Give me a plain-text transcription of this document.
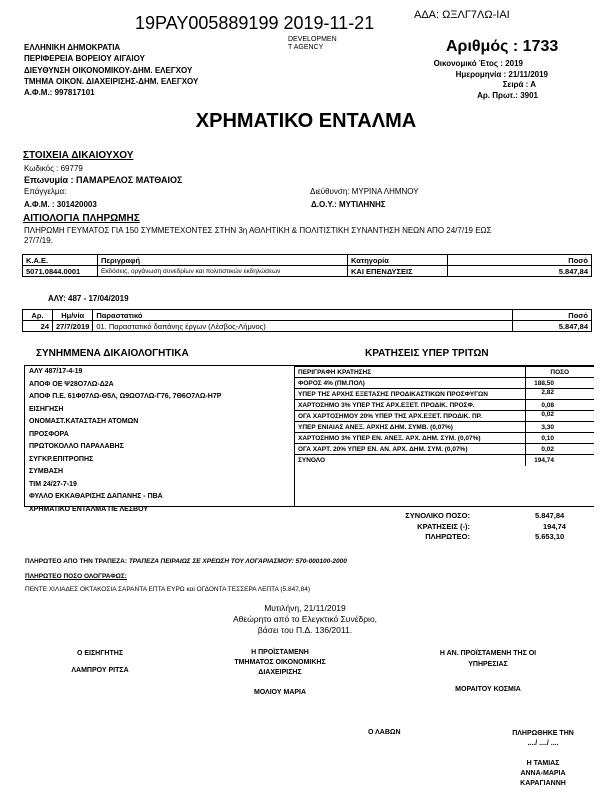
19PAY005889199 2019-11-21	ΑΔΑ: ΩΞΛΓ7ΛΩ-ΙΑΙ
DEVELOPMEN
T AGENCY
ΕΛΛΗΝΙΚΗ ΔΗΜΟΚΡΑΤΙΑ
ΠΕΡΙΦΕΡΕΙΑ ΒΟΡΕΙΟΥ ΑΙΓΑΙΟΥ
ΔΙΕΥΘΥΝΣΗ ΟΙΚΟΝΟΜΙΚΟΥ-ΔΗΜ. ΕΛΕΓΧΟΥ
ΤΜΗΜΑ ΟΙΚΟΝ. ΔΙΑΧΕΙΡΙΣΗΣ-ΔΗΜ. ΕΛΕΓΧΟΥ
Α.Φ.Μ.: 997817101
Αριθμός : 1733
Οικονομικό Έτος : 2019
Ημερομηνία : 21/11/2019
Σειρά : Α
Αρ. Πρωτ.: 3901
ΧΡΗΜΑΤΙΚΟ ΕΝΤΑΛΜΑ
ΣΤΟΙΧΕΙΑ ΔΙΚΑΙΟΥΧΟΥ
Κωδικός : 69779
Επωνυμία : ΠΑΜΑΡΕΛΟΣ ΜΑΤΘΑΙΟΣ
Επάγγελμα:	Διεύθυνση: ΜΥΡΙΝΑ ΛΗΜΝΟΥ
Α.Φ.Μ. : 301420003	Δ.Ο.Υ.: ΜΥΤΙΛΗΝΗΣ
ΑΙΤΙΟΛΟΓΙΑ ΠΛΗΡΩΜΗΣ
ΠΛΗΡΩΜΗ ΓΕΥΜΑΤΟΣ ΓΙΑ 150 ΣΥΜΜΕΤΕΧΟΝΤΕΣ ΣΤΗΝ 3η ΑΘΛΗΤΙΚΗ & ΠΟΛΙΤΙΣΤΙΚΗ ΣΥΝΑΝΤΗΣΗ ΝΕΩΝ ΑΠΟ 24/7/19 ΕΩΣ
27/7/19.
Κ.Α.Ε.	Περιγραφή	Κατηγορία	Ποσό
5071.0844.0001	Εκδόσεις, οργάνωση συνεδρίων και πολιτιστικών εκδηλώσεων	ΚΑΙ ΕΠΕΝΔΥΣΕΙΣ	5.847,84
ΑΛΥ: 487 - 17/04/2019
Αρ.	Ημ/νία	Παραστατικό	Ποσό
24	27/7/2019	01. Παραστατικό δαπάνης έργων (Λέσβος-Λήμνος)	5.847,84
ΣΥΝΗΜΜΕΝΑ ΔΙΚΑΙΟΛΟΓΗΤΙΚΑ
ΑΛΥ 487/17-4-19
ΑΠΟΦ ΟΕ Ψ28Ο7ΛΩ-Δ2Α
ΑΠΟΦ Π.Ε. 61Φ07ΛΩ-Θ5Λ, Ω9ΩΟ7ΛΩ-Γ76, 7Θ6Ο7ΛΩ-Η7Ρ
ΕΙΣΗΓΗΣΗ
ΟΝΟΜΑΣΤ.ΚΑΤΑΣΤΑΣΗ ΑΤΟΜΩΝ
ΠΡΟΣΦΟΡΑ
ΠΡΩΤΟΚΟΛΛΟ ΠΑΡΑΛΑΒΗΣ
ΣΥΓΚΡ.ΕΠΙΤΡΟΠΗΣ
ΣΥΜΒΑΣΗ
ΤΙΜ 24/27-7-19
ΦΥΛΛΟ ΕΚΚΑΘΑΡΙΣΗΣ ΔΑΠΑΝΗΣ - ΠΒΑ
ΧΡΗΜΑΤΙΚΟ ΕΝΤΑΛΜΑ ΠΕ ΛΕΣΒΟΥ
ΚΡΑΤΗΣΕΙΣ ΥΠΕΡ ΤΡΙΤΩΝ
ΠΕΡΙΓΡΑΦΗ ΚΡΑΤΗΣΗΣ	ΠΟΣΟ
ΦΟΡΟΣ 4% (ΠΜ.ΠΟΛ)	188,50
ΥΠΕΡ ΤΗΣ ΑΡΧΗΣ ΕΞΕΤΑΣΗΣ ΠΡΟΔΙΚΑΣΤΙΚΩΝ ΠΡΟΣΦΥΓΩΝ	2,82
ΧΑΡΤΟΣΗΜΟ 3% ΥΠΕΡ ΤΗΣ ΑΡΧ.ΕΞΕΤ. ΠΡΟΔΙΚ. ΠΡΟΣΦ.	0,08
ΟΓΑ ΧΑΡΤΟΣΗΜΟΥ 20% ΥΠΕΡ ΤΗΣ ΑΡΧ.ΕΞΕΤ. ΠΡΟΔΙΚ. ΠΡ.	0,02
ΥΠΕΡ ΕΝΙΑΙΑΣ ΑΝΕΞ. ΑΡΧΗΣ ΔΗΜ. ΣΥΜΒ. (0,07%)	3,30
ΧΑΡΤΟΣΗΜΟ 3% ΥΠΕΡ ΕΝ. ΑΝΕΞ. ΑΡΧ. ΔΗΜ. ΣΥΜ. (0,07%)	0,10
ΟΓΑ ΧΑΡΤ. 20% ΥΠΕΡ ΕΝ. ΑΝ. ΑΡΧ. ΔΗΜ. ΣΥΜ. (0,07%)	0,02
ΣΥΝΟΛΟ	194,74
ΣΥΝΟΛΙΚΟ ΠΟΣΟ:	5.847,84
ΚΡΑΤΗΣΕΙΣ (-):	194,74
ΠΛΗΡΩΤΕΟ:	5.653,10
ΠΛΗΡΩΤΕΟ ΑΠΟ ΤΗΝ ΤΡΑΠΕΖΑ: ΤΡΑΠΕΖΑ ΠΕΙΡΑΙΩΣ ΣΕ ΧΡΕΩΣΗ ΤΟΥ ΛΟΓΑΡΙΑΣΜΟΥ: 570-000100-2000
ΠΛΗΡΩΤΕΟ ΠΟΣΟ ΟΛΟΓΡΑΦΩΣ:
ΠΕΝΤΕ ΧΙΛΙΑΔΕΣ ΟΚΤΑΚΟΣΙΑ ΣΑΡΑΝΤΑ ΕΠΤΑ ΕΥΡΩ και ΟΓΔΟΝΤΑ ΤΕΣΣΕΡΑ ΛΕΠΤΑ (5.847,84)
Μυτιλήνη, 21/11/2019
Αθεώρητο από το Ελεγκτικό Συνέδριο,
βάσει του Π.Δ. 136/2011.
Ο ΕΙΣΗΓΗΤΗΣ
ΛΑΜΠΡΟΥ ΡΙΤΣΑ
Η ΠΡΟΪΣΤΑΜΕΝΗ
ΤΜΗΜΑΤΟΣ ΟΙΚΟΝΟΜΙΚΗΣ
ΔΙΑΧΕΙΡΙΣΗΣ
ΜΟΛΙΟΥ ΜΑΡΙΑ
Η ΑΝ. ΠΡΟΪΣΤΑΜΕΝΗ ΤΗΣ ΟΙ
ΥΠΗΡΕΣΙΑΣ
ΜΟΡΑΙΤΟΥ ΚΟΣΜΙΑ
Ο ΛΑΒΩΝ	ΠΛΗΡΩΘΗΚΕ ΤΗΝ
..../ ..../ ....
Η ΤΑΜΙΑΣ
ΑΝΝΑ-ΜΑΡΙΑ
ΚΑΡΑΓΙΑΝΝΗ
